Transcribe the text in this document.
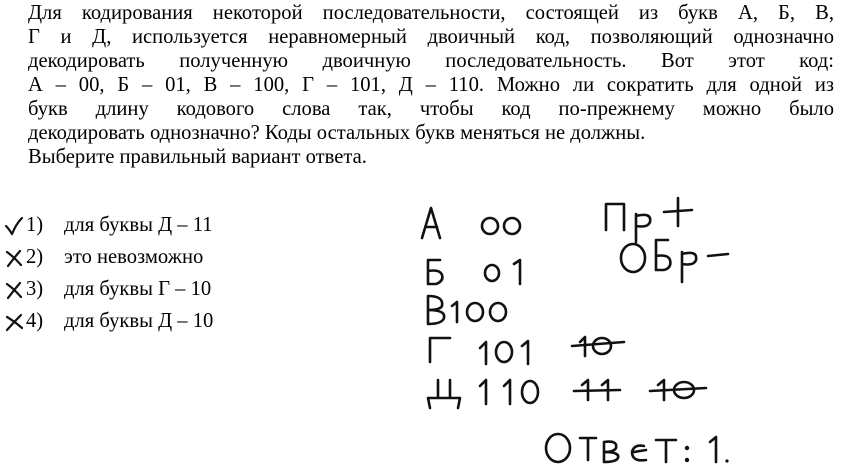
Для кодирования некоторой последовательности, состоящей из букв А, Б, В,
Г и Д, используется неравномерный двоичный код, позволяющий однозначно
декодировать полученную двоичную последовательность. Вот этот код:
А – 00, Б – 01, В – 100, Г – 101, Д – 110. Можно ли сократить для одной из
букв длину кодового слова так, чтобы код по-прежнему можно было
декодировать однозначно? Коды остальных букв меняться не должны.
Выберите правильный вариант ответа.
1) для буквы Д – 11
2) это невозможно
3) для буквы Г – 10
4) для буквы Д – 10
